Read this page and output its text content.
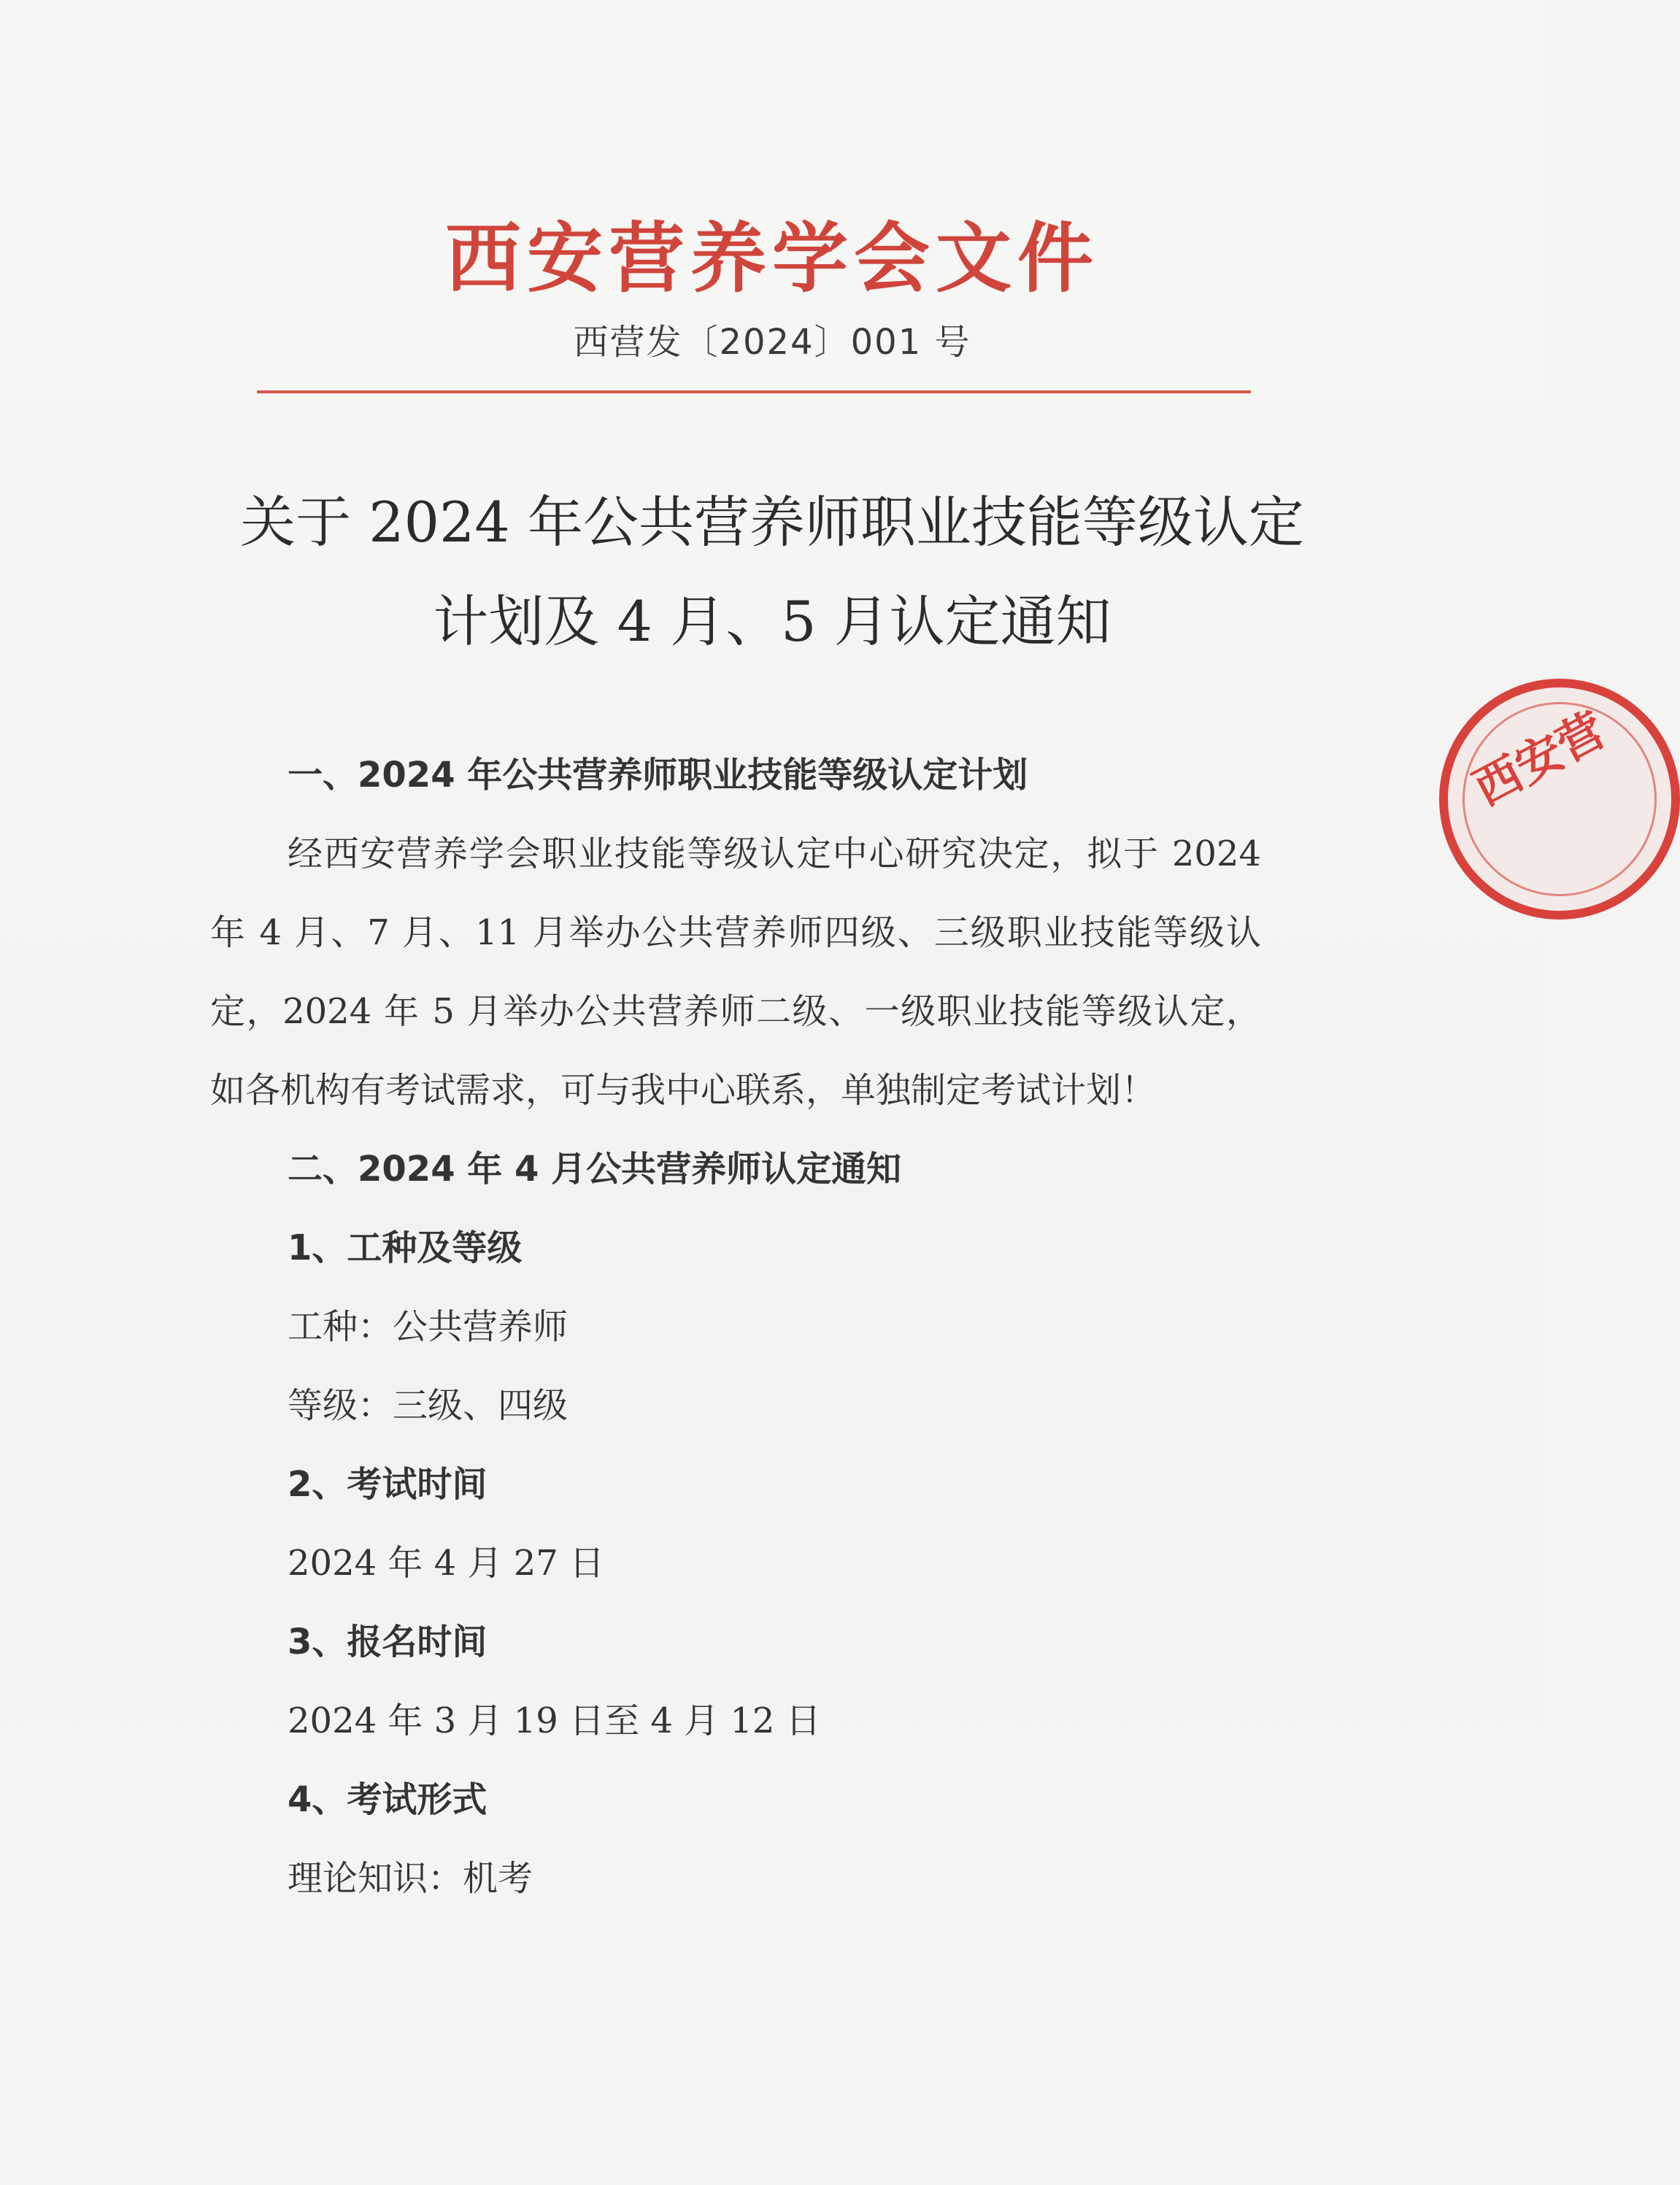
西安营养学会文件
西营发〔2024〕001 号
关于 2024 年公共营养师职业技能等级认定
计划及 4 月、5 月认定通知
一、2024 年公共营养师职业技能等级认定计划
经西安营养学会职业技能等级认定中心研究决定，拟于 2024
年 4 月、7 月、11 月举办公共营养师四级、三级职业技能等级认
定，2024 年 5 月举办公共营养师二级、一级职业技能等级认定，
如各机构有考试需求，可与我中心联系，单独制定考试计划！
二、2024 年 4 月公共营养师认定通知
1、工种及等级
工种：公共营养师
等级：三级、四级
2、考试时间
2024 年 4 月 27 日
3、报名时间
2024 年 3 月 19 日至 4 月 12 日
4、考试形式
理论知识：机考
西安营
